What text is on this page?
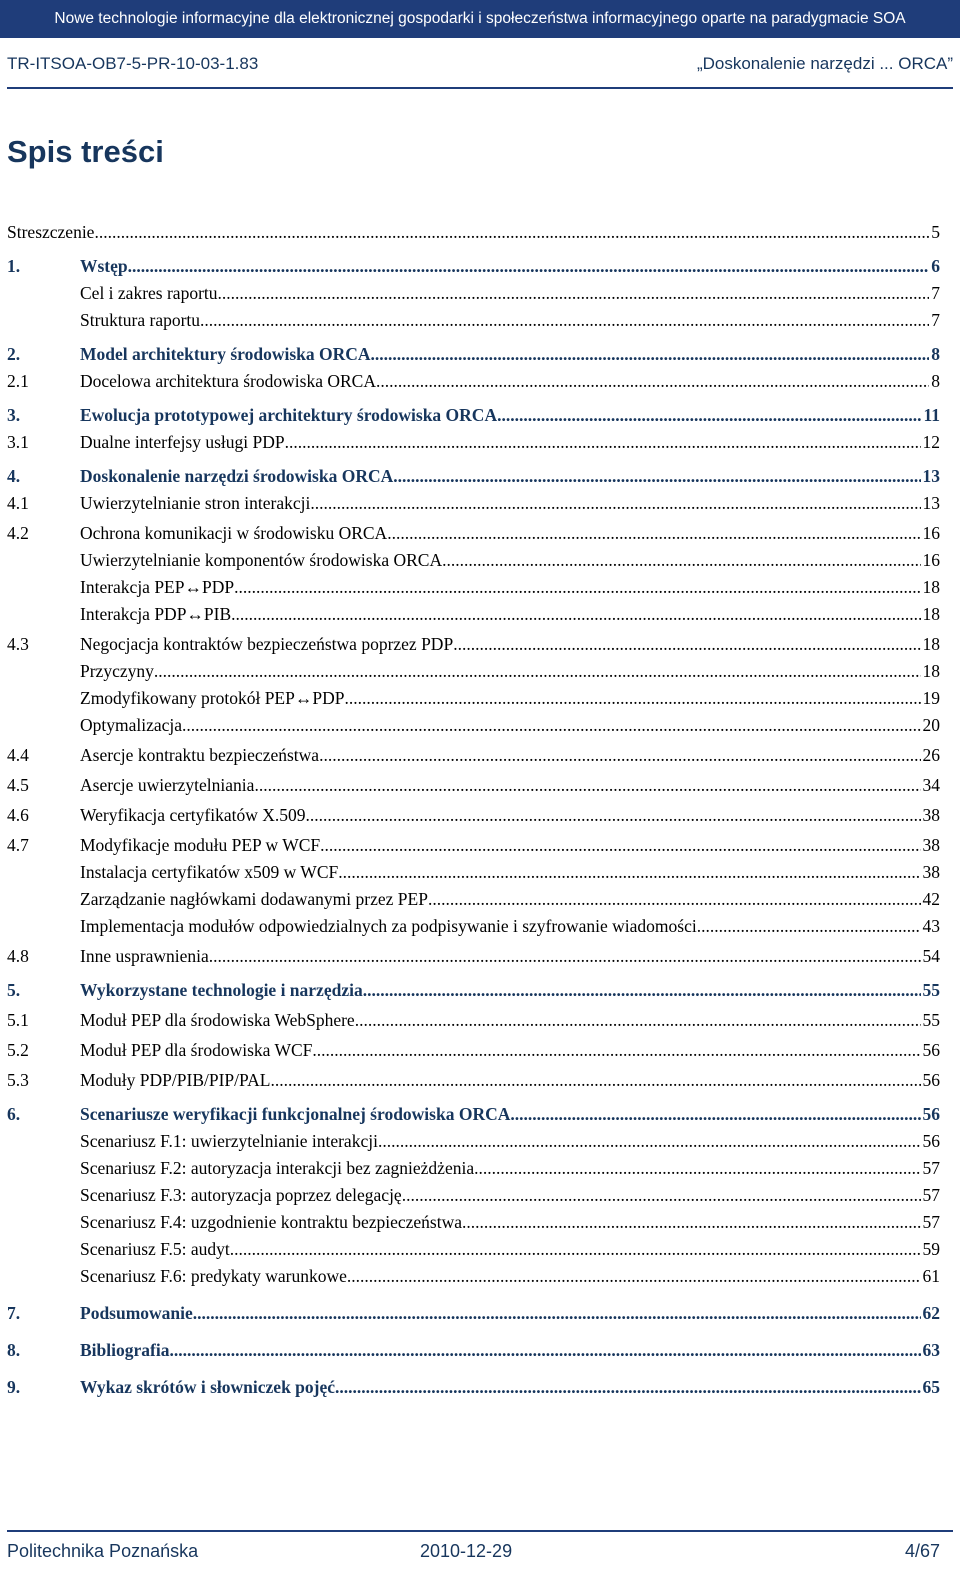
Nowe technologie informacyjne dla elektronicznej gospodarki i społeczeństwa informacyjnego oparte na paradygmacie SOA
TR-ITSOA-OB7-5-PR-10-03-1.83	„Doskonalenie narzędzi ... ORCA”
Spis treści
Streszczenie .....	5
1.	Wstęp .....	6
Cel i zakres raportu .....	7
Struktura raportu .....	7
2.	Model architektury środowiska ORCA .....	8
2.1	Docelowa architektura środowiska ORCA .....	8
3.	Ewolucja prototypowej architektury środowiska ORCA .....	11
3.1	Dualne interfejsy usługi PDP .....	12
4.	Doskonalenie narzędzi środowiska ORCA .....	13
4.1	Uwierzytelnianie stron interakcji .....	13
4.2	Ochrona komunikacji w środowisku ORCA .....	16
Uwierzytelnianie komponentów środowiska ORCA .....	16
Interakcja PEP↔PDP .....	18
Interakcja PDP↔PIB .....	18
4.3	Negocjacja kontraktów bezpieczeństwa poprzez PDP .....	18
Przyczyny .....	18
Zmodyfikowany protokół PEP↔PDP .....	19
Optymalizacja .....	20
4.4	Asercje kontraktu bezpieczeństwa .....	26
4.5	Asercje uwierzytelniania .....	34
4.6	Weryfikacja certyfikatów X.509 .....	38
4.7	Modyfikacje modułu PEP w WCF .....	38
Instalacja certyfikatów x509 w WCF .....	38
Zarządzanie nagłówkami dodawanymi przez PEP .....	42
Implementacja modułów odpowiedzialnych za podpisywanie i szyfrowanie wiadomości .....	43
4.8	Inne usprawnienia .....	54
5.	Wykorzystane technologie i narzędzia .....	55
5.1	Moduł PEP dla środowiska WebSphere .....	55
5.2	Moduł PEP dla środowiska WCF .....	56
5.3	Moduły PDP/PIB/PIP/PAL .....	56
6.	Scenariusze weryfikacji funkcjonalnej środowiska ORCA .....	56
Scenariusz F.1: uwierzytelnianie interakcji .....	56
Scenariusz F.2: autoryzacja interakcji bez zagnieżdżenia .....	57
Scenariusz F.3: autoryzacja poprzez delegację .....	57
Scenariusz F.4: uzgodnienie kontraktu bezpieczeństwa .....	57
Scenariusz F.5: audyt .....	59
Scenariusz F.6: predykaty warunkowe .....	61
7.	Podsumowanie .....	62
8.	Bibliografia .....	63
9.	Wykaz skrótów i słowniczek pojęć .....	65
Politechnika Poznańska	2010-12-29	4/67
